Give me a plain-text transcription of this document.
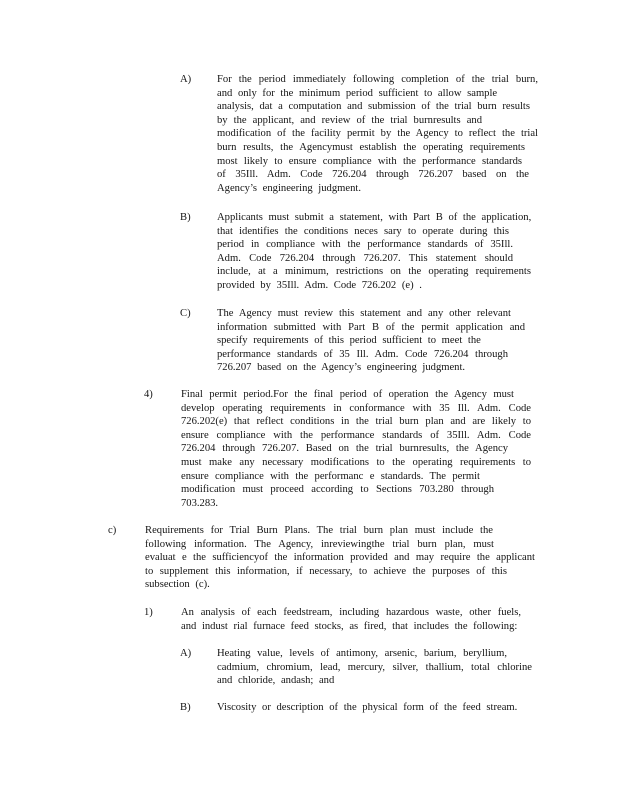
A) For the period immediately following completion of the trial burn,
and only for the minimum period sufficient to allow sample
analysis, dat a computation and submission of the trial burn results
by the applicant, and review of the trial burnresults and
modification of the facility permit by the Agency to reflect the trial
burn results, the Agencymust establish the operating requirements
most likely to ensure compliance with the performance standards
of 35Ill. Adm. Code 726.204 through 726.207 based on the
Agency’s engineering judgment.
B) Applicants must submit a statement, with Part B of the application,
that identifies the conditions neces sary to operate during this
period in compliance with the performance standards of 35Ill.
Adm. Code 726.204 through 726.207. This statement should
include, at a minimum, restrictions on the operating requirements
provided by 35Ill. Adm. Code 726.202 (e) .
C) The Agency must review this statement and any other relevant
information submitted with Part B of the permit application and
specify requirements of this period sufficient to meet the
performance standards of 35 Ill. Adm. Code 726.204 through
726.207 based on the Agency’s engineering judgment.
4)	Final permit period.For the final period of operation the Agency must
develop operating requirements in conformance with 35 Ill. Adm. Code
726.202(e) that reflect conditions in the trial burn plan and are likely to
ensure compliance with the performance standards of 35Ill. Adm. Code
726.204 through 726.207. Based on the trial burnresults, the Agency
must make any necessary modifications to the operating requirements to
ensure compliance with the performanc e standards. The permit
modification must proceed according to Sections 703.280 through
703.283.
c)	Requirements for Trial Burn Plans. The trial burn plan must include the
following information. The Agency, inreviewingthe trial burn plan, must
evaluat e the sufficiencyof the information provided and may require the applicant
to supplement this information, if necessary, to achieve the purposes of this
subsection (c).
1)	An analysis of each feedstream, including hazardous waste, other fuels,
and indust rial furnace feed stocks, as fired, that includes the following:
A) Heating value, levels of antimony, arsenic, barium, beryllium,
cadmium, chromium, lead, mercury, silver, thallium, total chlorine
and chloride, andash; and
B) Viscosity or description of the physical form of the feed stream.
